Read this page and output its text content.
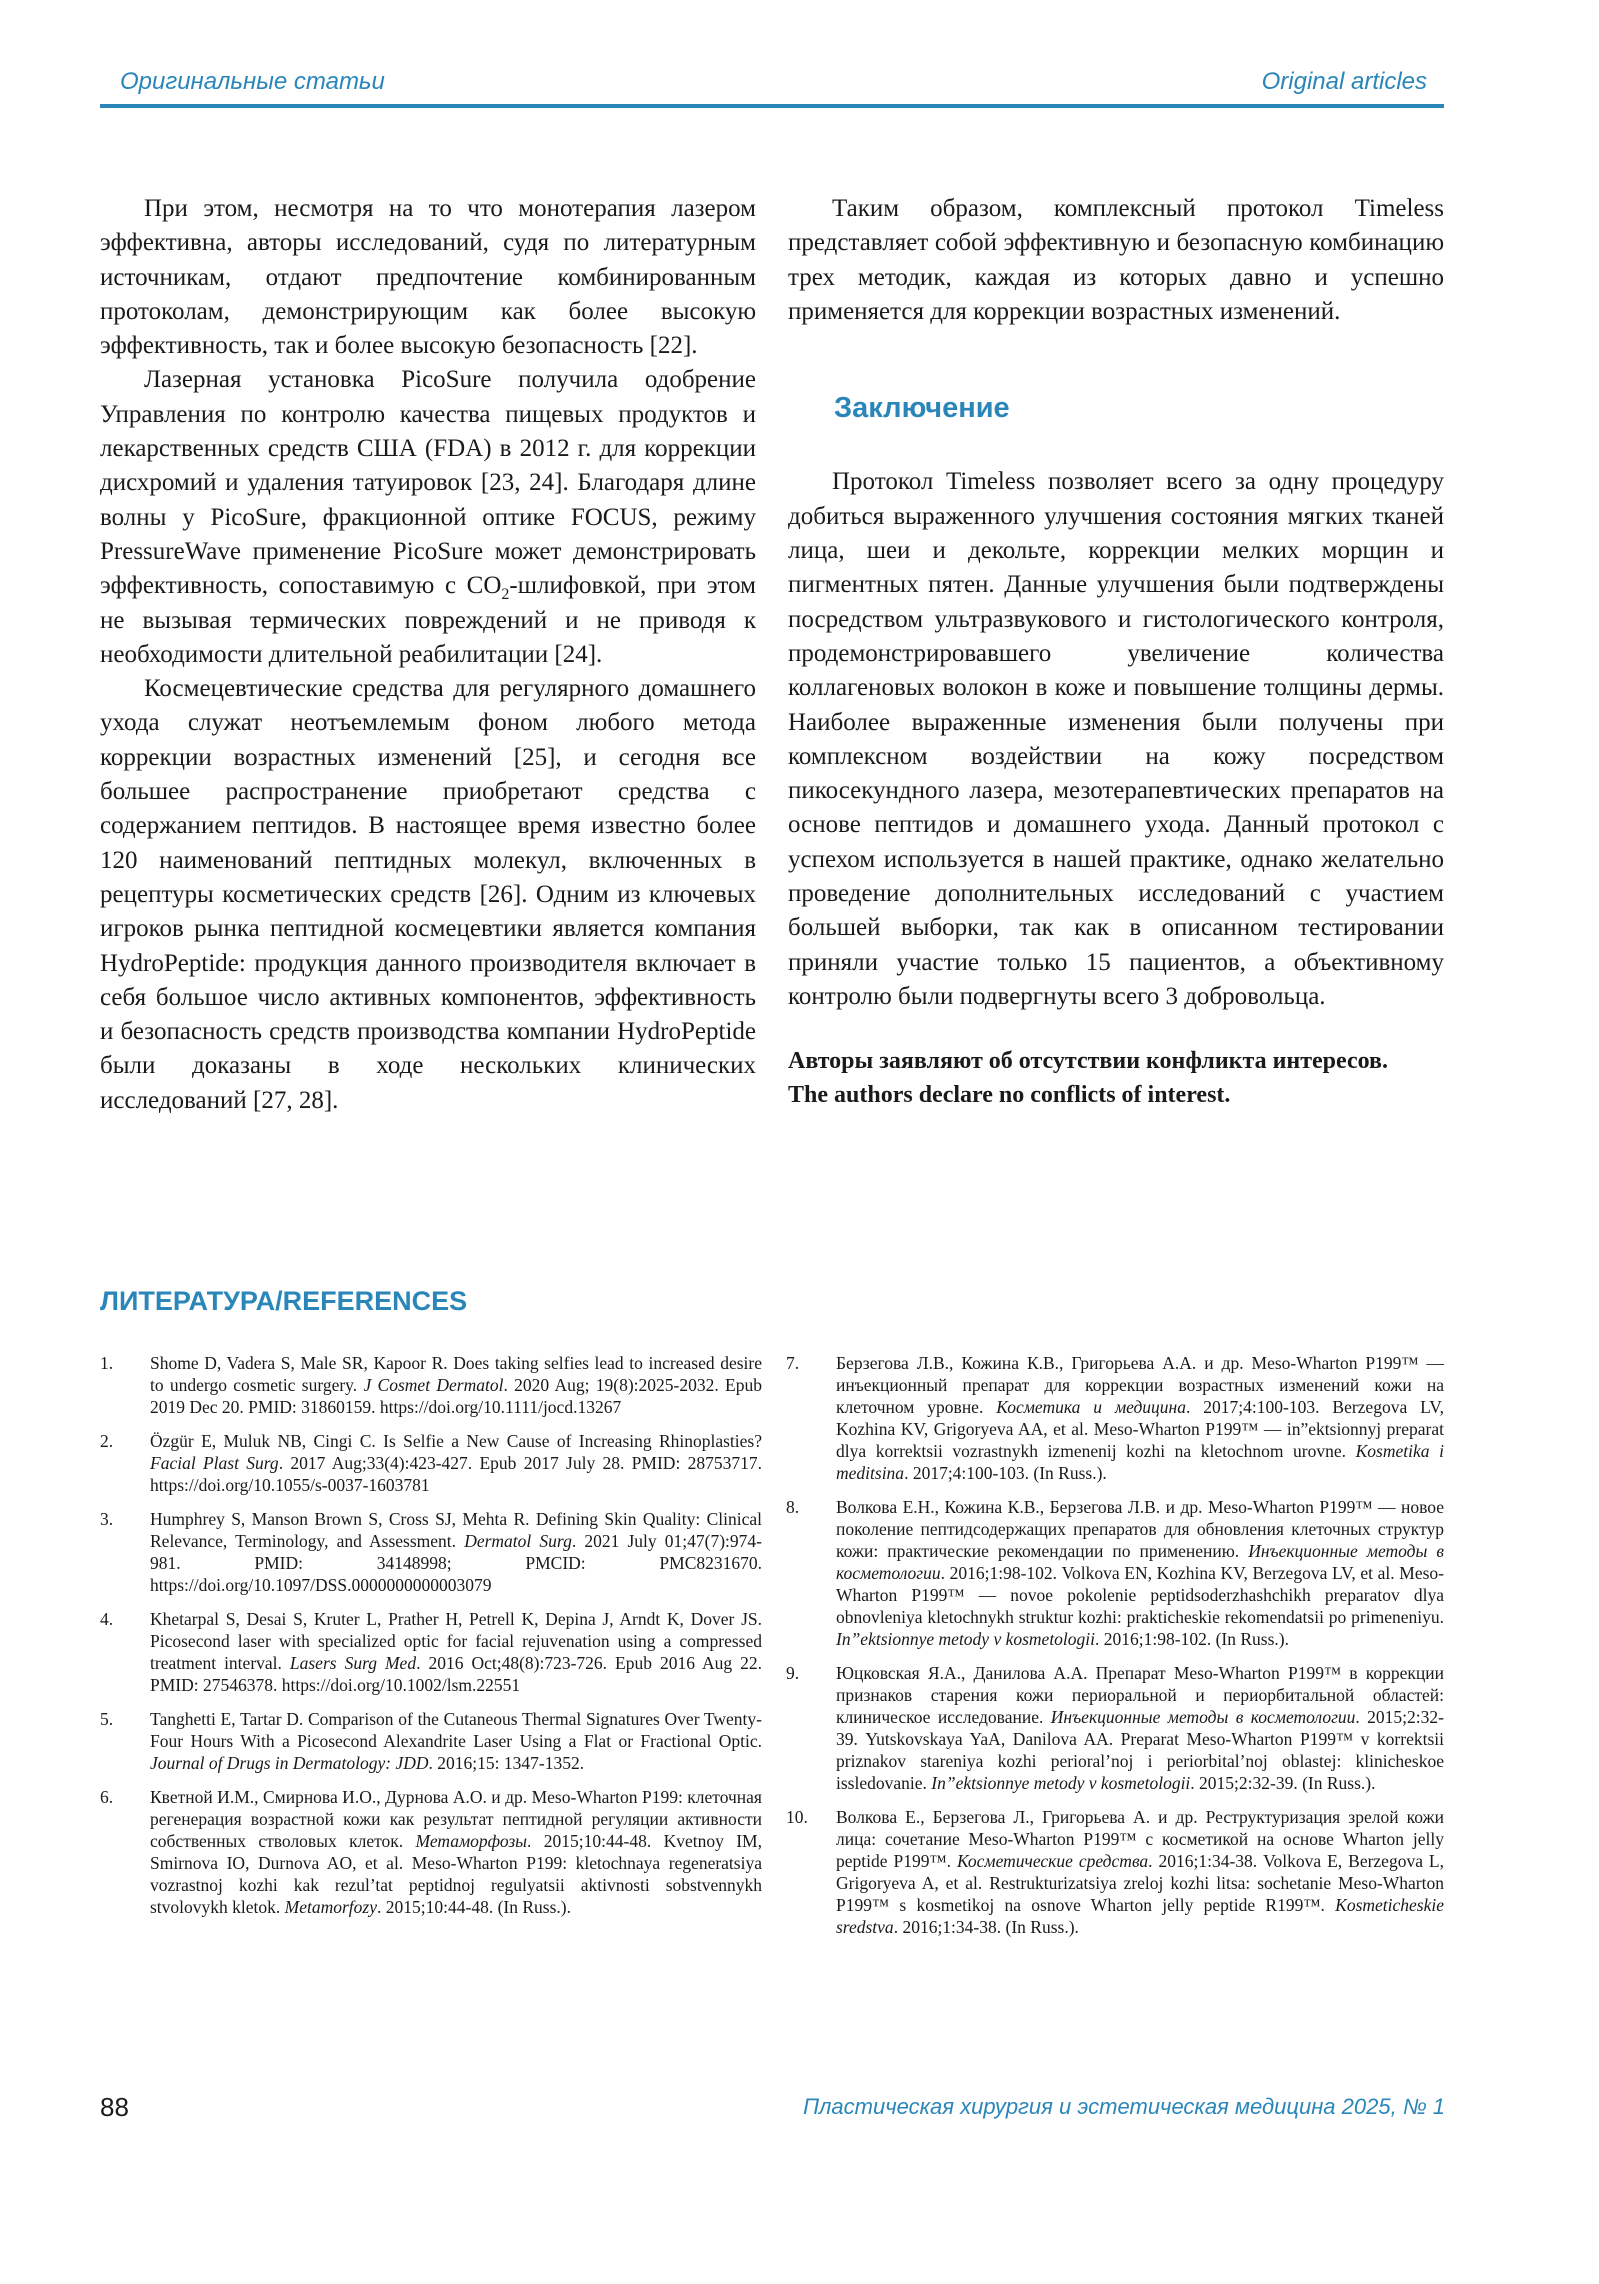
Оригинальные статьи	Original articles

При этом, несмотря на то что монотерапия лазером эффективна, авторы исследований, судя по литературным источникам, отдают предпочтение комбинированным протоколам, демонстрирующим как более высокую эффективность, так и более высокую безопасность [22].

Лазерная установка PicoSure получила одобрение Управления по контролю качества пищевых продуктов и лекарственных средств США (FDA) в 2012 г. для коррекции дисхромий и удаления татуировок [23, 24]. Благодаря длине волны у PicoSure, фракционной оптике FOCUS, режиму PressureWave применение PicoSure может демонстрировать эффективность, сопоставимую с $CO_2$-шлифовкой, при этом не вызывая термических повреждений и не приводя к необходимости длительной реабилитации [24].

Космецевтические средства для регулярного домашнего ухода служат неотъемлемым фоном любого метода коррекции возрастных изменений [25], и сегодня все большее распространение приобретают средства с содержанием пептидов. В настоящее время известно более 120 наименований пептидных молекул, включенных в рецептуры косметических средств [26]. Одним из ключевых игроков рынка пептидной космецевтики является компания HydroPeptide: продукция данного производителя включает в себя большое число активных компонентов, эффективность и безопасность средств производства компании HydroPeptide были доказаны в ходе нескольких клинических исследований [27, 28].

Таким образом, комплексный протокол Timeless представляет собой эффективную и безопасную комбинацию трех методик, каждая из которых давно и успешно применяется для коррекции возрастных изменений.

Заключение

Протокол Timeless позволяет всего за одну процедуру добиться выраженного улучшения состояния мягких тканей лица, шеи и декольте, коррекции мелких морщин и пигментных пятен. Данные улучшения были подтверждены посредством ультразвукового и гистологического контроля, продемонстрировавшего увеличение количества коллагеновых волокон в коже и повышение толщины дермы. Наиболее выраженные изменения были получены при комплексном воздействии на кожу посредством пикосекундного лазера, мезотерапевтических препаратов на основе пептидов и домашнего ухода. Данный протокол с успехом используется в нашей практике, однако желательно проведение дополнительных исследований с участием большей выборки, так как в описанном тестировании приняли участие только 15 пациентов, а объективному контролю были подвергнуты всего 3 добровольца.

Авторы заявляют об отсутствии конфликта интересов.
The authors declare no conflicts of interest.
ЛИТЕРАТУРА/REFERENCES
1. Shome D, Vadera S, Male SR, Kapoor R. Does taking selfies lead to increased desire to undergo cosmetic surgery. J Cosmet Dermatol. 2020 Aug; 19(8):2025-2032. Epub 2019 Dec 20. PMID: 31860159. https://doi.org/10.1111/jocd.13267
2. Özgür E, Muluk NB, Cingi C. Is Selfie a New Cause of Increasing Rhinoplasties? Facial Plast Surg. 2017 Aug;33(4):423-427. Epub 2017 July 28. PMID: 28753717. https://doi.org/10.1055/s-0037-1603781
3. Humphrey S, Manson Brown S, Cross SJ, Mehta R. Defining Skin Quality: Clinical Relevance, Terminology, and Assessment. Dermatol Surg. 2021 July 01;47(7):974-981. PMID: 34148998; PMCID: PMC8231670. https://doi.org/10.1097/DSS.0000000000003079
4. Khetarpal S, Desai S, Kruter L, Prather H, Petrell K, Depina J, Arndt K, Dover JS. Picosecond laser with specialized optic for facial rejuvenation using a compressed treatment interval. Lasers Surg Med. 2016 Oct;48(8):723-726. Epub 2016 Aug 22. PMID: 27546378. https://doi.org/10.1002/lsm.22551
5. Tanghetti E, Tartar D. Comparison of the Cutaneous Thermal Signatures Over Twenty-Four Hours With a Picosecond Alexandrite Laser Using a Flat or Fractional Optic. Journal of Drugs in Dermatology: JDD. 2016;15: 1347-1352.
6. Кветной И.М., Смирнова И.О., Дурнова А.О. и др. Meso-Wharton P199: клеточная регенерация возрастной кожи как результат пептидной регуляции активности собственных стволовых клеток. Метаморфозы. 2015;10:44-48. Kvetnoy IM, Smirnova IO, Durnova AO, et al. Meso-Wharton P199: kletochnaya regeneratsiya vozrastnoj kozhi kak rezul’tat peptidnoj regulyatsii aktivnosti sobstvennykh stvolovykh kletok. Metamorfozy. 2015;10:44-48. (In Russ.).
7. Берзегова Л.В., Кожина К.В., Григорьева А.А. и др. Meso-Wharton P199™ — инъекционный препарат для коррекции возрастных изменений кожи на клеточном уровне. Косметика и медицина. 2017;4:100-103. Berzegova LV, Kozhina KV, Grigoryeva AA, et al. Meso-Wharton P199™ — in”ektsionnyj preparat dlya korrektsii vozrastnykh izmenenij kozhi na kletochnom urovne. Kosmetika i meditsina. 2017;4:100-103. (In Russ.).
8. Волкова Е.Н., Кожина К.В., Берзегова Л.В. и др. Meso-Wharton P199™ — новое поколение пептидсодержащих препаратов для обновления клеточных структур кожи: практические рекомендации по применению. Инъекционные методы в косметологии. 2016;1:98-102. Volkova EN, Kozhina KV, Berzegova LV, et al. Meso-Wharton P199™ — novoe pokolenie peptidsoderzhashchikh preparatov dlya obnovleniya kletochnykh struktur kozhi: prakticheskie rekomendatsii po primeneniyu. In”ektsionnye metody v kosmetologii. 2016;1:98-102. (In Russ.).
9. Юцковская Я.А., Данилова А.А. Препарат Meso-Wharton P199™ в коррекции признаков старения кожи периоральной и периорбитальной областей: клиническое исследование. Инъекционные методы в косметологии. 2015;2:32-39. Yutskovskaya YaA, Danilova AA. Preparat Meso-Wharton P199™ v korrektsii priznakov stareniya kozhi perioral’noj i periorbital’noj oblastej: klinicheskoe issledovanie. In”ektsionnye metody v kosmetologii. 2015;2:32-39. (In Russ.).
10. Волкова Е., Берзегова Л., Григорьева А. и др. Реструктуризация зрелой кожи лица: сочетание Meso-Wharton P199™ с косметикой на основе Wharton jelly peptide P199™. Косметические средства. 2016;1:34-38. Volkova E, Berzegova L, Grigoryeva A, et al. Restrukturizatsiya zreloj kozhi litsa: sochetanie Meso-Wharton P199™ s kosmetikoj na osnove Wharton jelly peptide R199™. Kosmeticheskie sredstva. 2016;1:34-38. (In Russ.).
88	Пластическая хирургия и эстетическая медицина 2025, № 1
